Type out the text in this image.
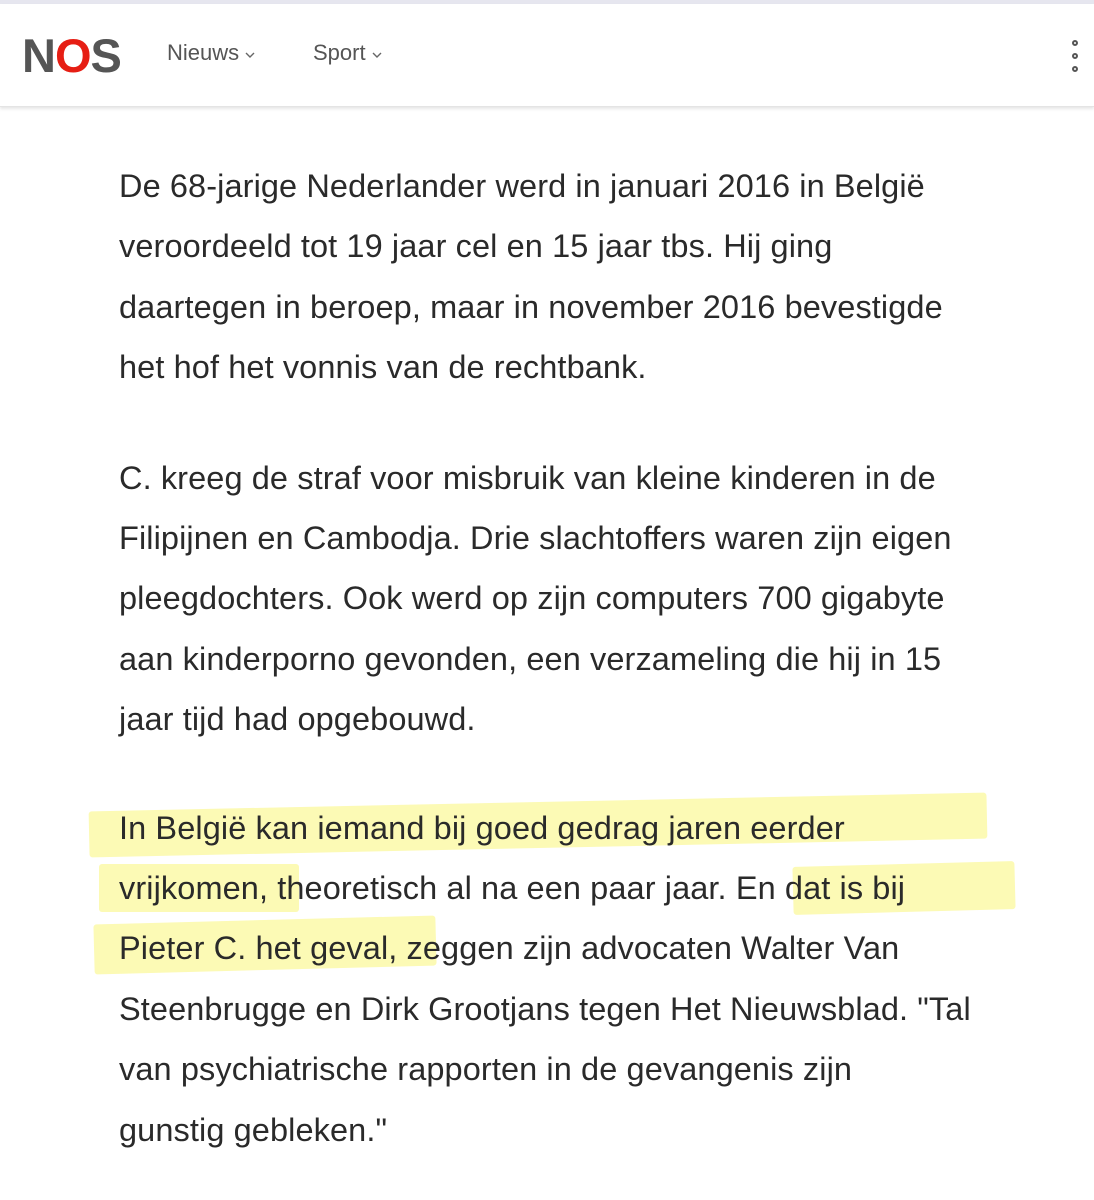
NOS Nieuws	Sport

De 68-jarige Nederlander werd in januari 2016 in België
veroordeeld tot 19 jaar cel en 15 jaar tbs. Hij ging
daartegen in beroep, maar in november 2016 bevestigde
het hof het vonnis van de rechtbank.

C. kreeg de straf voor misbruik van kleine kinderen in de
Filipijnen en Cambodja. Drie slachtoffers waren zijn eigen
pleegdochters. Ook werd op zijn computers 700 gigabyte
aan kinderporno gevonden, een verzameling die hij in 15
jaar tijd had opgebouwd.

In België kan iemand bij goed gedrag jaren eerder
vrijkomen, theoretisch al na een paar jaar. En dat is bij
Pieter C. het geval, zeggen zijn advocaten Walter Van
Steenbrugge en Dirk Grootjans tegen Het Nieuwsblad. "Tal
van psychiatrische rapporten in de gevangenis zijn
gunstig gebleken."
